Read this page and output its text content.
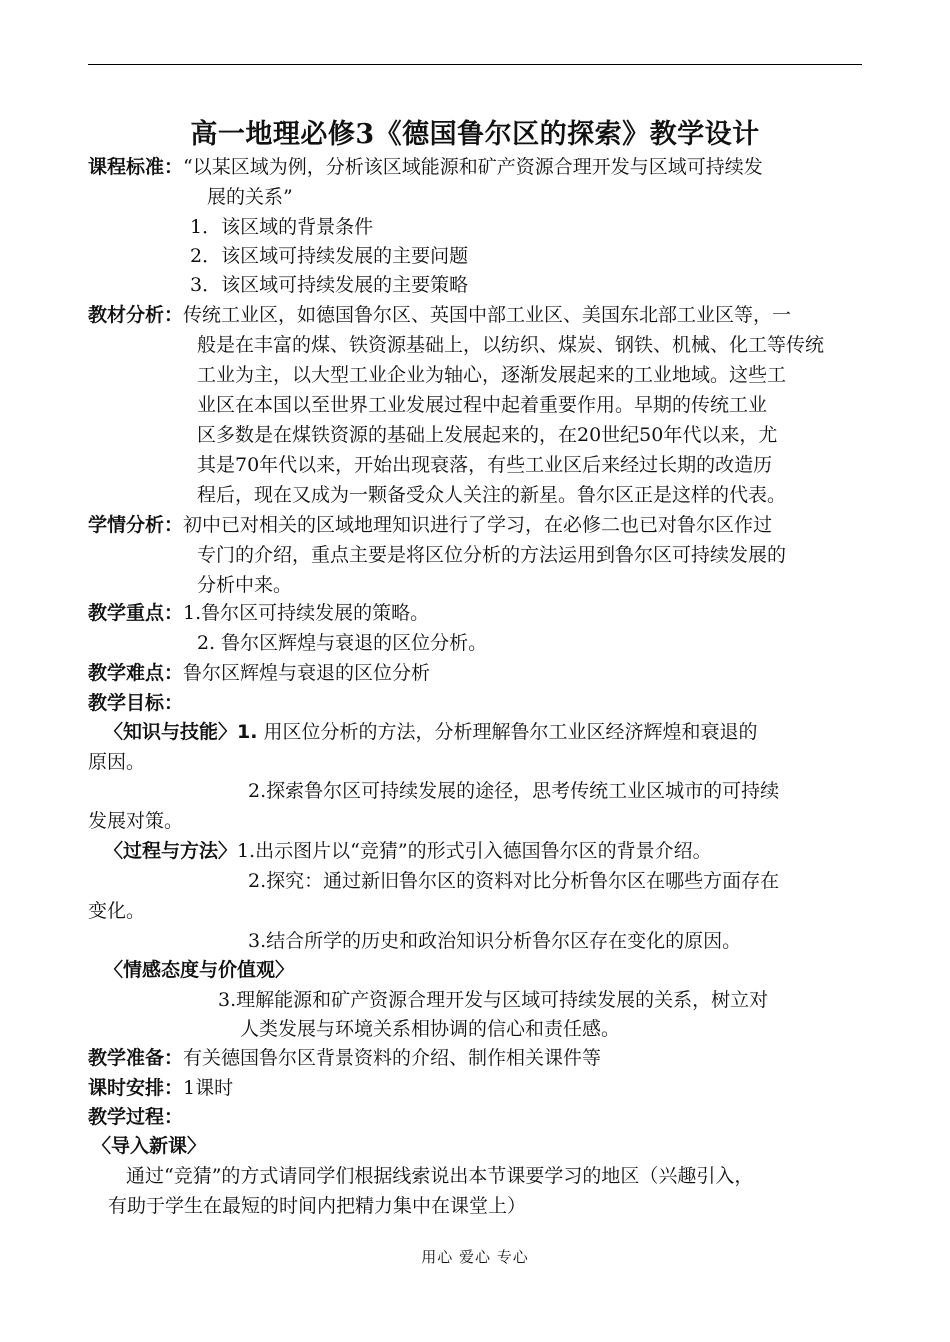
高一地理必修3《德国鲁尔区的探索》教学设计
课程标准：“以某区域为例，分析该区域能源和矿产资源合理开发与区域可持续发
展的关系”
1．该区域的背景条件
2．该区域可持续发展的主要问题
3．该区域可持续发展的主要策略
教材分析：传统工业区，如德国鲁尔区、英国中部工业区、美国东北部工业区等，一
般是在丰富的煤、铁资源基础上，以纺织、煤炭、钢铁、机械、化工等传统
工业为主，以大型工业企业为轴心，逐渐发展起来的工业地域。这些工
业区在本国以至世界工业发展过程中起着重要作用。早期的传统工业
区多数是在煤铁资源的基础上发展起来的，在20世纪50年代以来，尤
其是70年代以来，开始出现衰落，有些工业区后来经过长期的改造历
程后，现在又成为一颗备受众人关注的新星。鲁尔区正是这样的代表。
学情分析：初中已对相关的区域地理知识进行了学习，在必修二也已对鲁尔区作过
专门的介绍，重点主要是将区位分析的方法运用到鲁尔区可持续发展的
分析中来。
教学重点：1.鲁尔区可持续发展的策略。
2. 鲁尔区辉煌与衰退的区位分析。
教学难点：鲁尔区辉煌与衰退的区位分析
教学目标：
〈知识与技能〉1. 用区位分析的方法，分析理解鲁尔工业区经济辉煌和衰退的
原因。
2.探索鲁尔区可持续发展的途径，思考传统工业区城市的可持续
发展对策。
〈过程与方法〉1.出示图片以“竞猜”的形式引入德国鲁尔区的背景介绍。
2.探究：通过新旧鲁尔区的资料对比分析鲁尔区在哪些方面存在
变化。
3.结合所学的历史和政治知识分析鲁尔区存在变化的原因。
〈情感态度与价值观〉
3.理解能源和矿产资源合理开发与区域可持续发展的关系，树立对
人类发展与环境关系相协调的信心和责任感。
教学准备：有关德国鲁尔区背景资料的介绍、制作相关课件等
课时安排：1课时
教学过程：
〈导入新课〉
通过“竞猜”的方式请同学们根据线索说出本节课要学习的地区（兴趣引入，
有助于学生在最短的时间内把精力集中在课堂上）
用心 爱心 专心
